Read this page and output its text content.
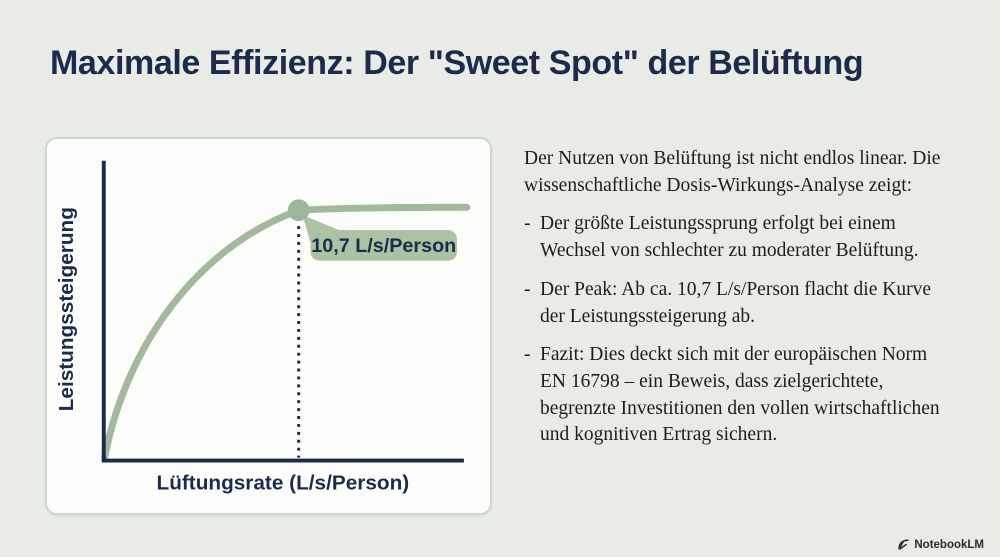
Maximale Effizienz: Der "Sweet Spot" der Belüftung
10,7 L/s/Person
Lüftungsrate (L/s/Person)
Leistungssteigerung

Der Nutzen von Belüftung ist nicht endlos linear. Die wissenschaftliche Dosis-Wirkungs-Analyse zeigt:

- Der größte Leistungssprung erfolgt bei einem Wechsel von schlechter zu moderater Belüftung.
- Der Peak: Ab ca. 10,7 L/s/Person flacht die Kurve der Leistungssteigerung ab.
- Fazit: Dies deckt sich mit der europäischen Norm EN 16798 – ein Beweis, dass zielgerichtete, begrenzte Investitionen den vollen wirtschaftlichen und kognitiven Ertrag sichern.
NotebookLM
